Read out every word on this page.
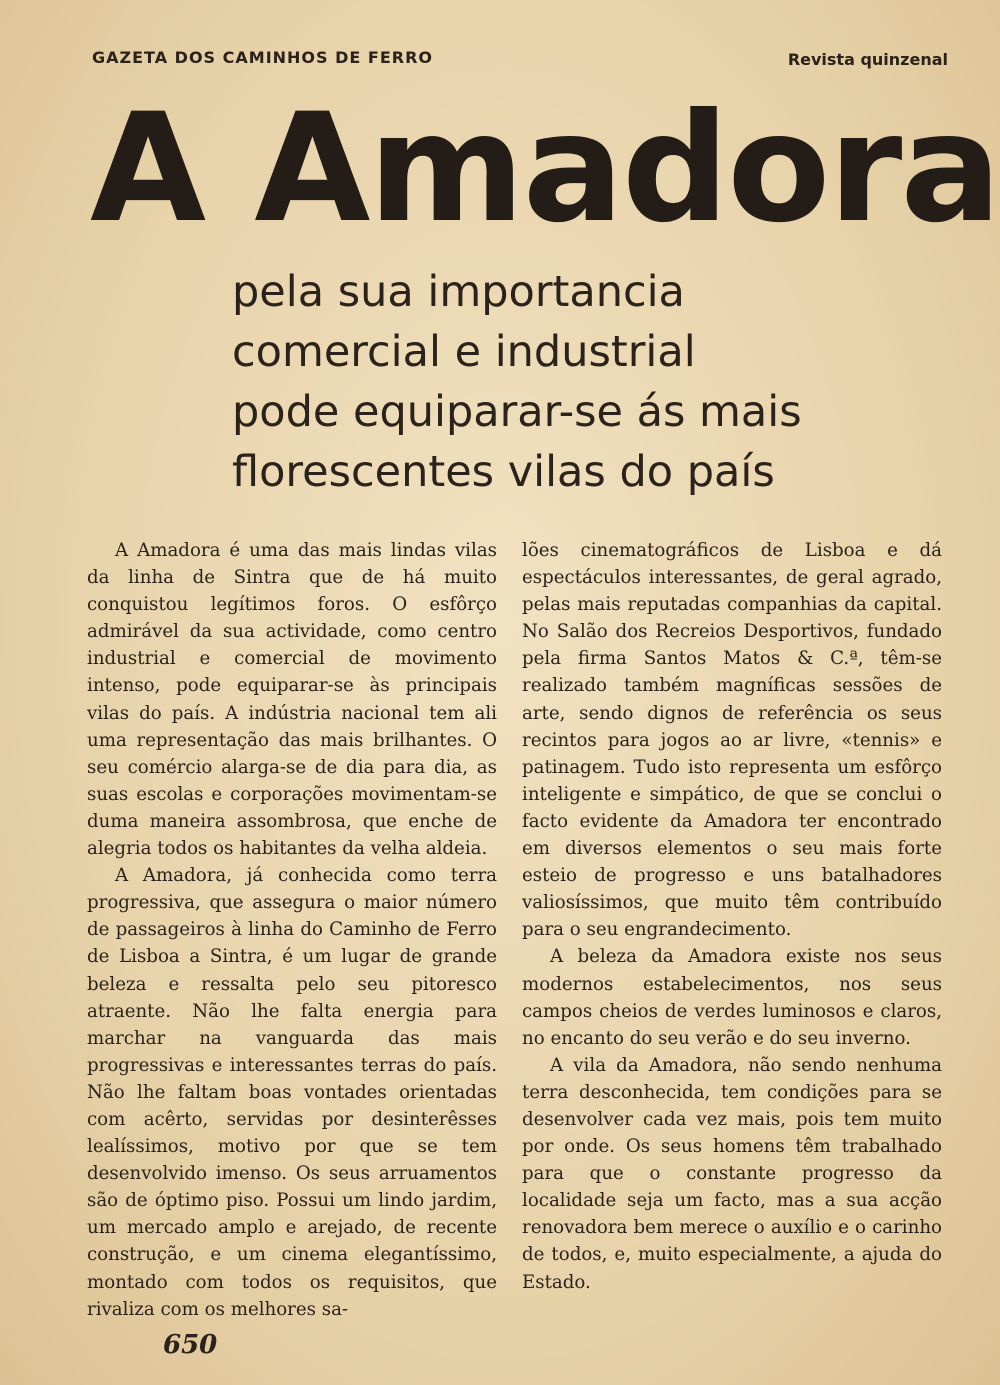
GAZETA DOS CAMINHOS DE FERRO	Revista quinzenal
A Amadora
pela sua importancia
comercial e industrial
pode equiparar-se ás mais
florescentes vilas do país

A Amadora é uma das mais lindas vilas da linha de Sintra que de há muito conquistou legítimos foros. O esfôrço admirável da sua actividade, como centro industrial e comercial de movimento intenso, pode equiparar-se às principais vilas do país. A indústria nacional tem ali uma representação das mais brilhantes. O seu comércio alarga-se de dia para dia, as suas escolas e corporações movimentam-se duma maneira assombrosa, que enche de alegria todos os habitantes da velha aldeia.

A Amadora, já conhecida como terra progressiva, que assegura o maior número de passageiros à linha do Caminho de Ferro de Lisboa a Sintra, é um lugar de grande beleza e ressalta pelo seu pitoresco atraente. Não lhe falta energia para marchar na vanguarda das mais progressivas e interessantes terras do país. Não lhe faltam boas vontades orientadas com acêrto, servidas por desinterêsses lealíssimos, motivo por que se tem desenvolvido imenso. Os seus arruamentos são de óptimo piso. Possui um lindo jardim, um mercado amplo e arejado, de recente construção, e um cinema elegantíssimo, montado com todos os requisitos, que rivaliza com os melhores sa-

lões cinematográficos de Lisboa e dá espectáculos interessantes, de geral agrado, pelas mais reputadas companhias da capital. No Salão dos Recreios Desportivos, fundado pela firma Santos Matos & C.ª, têm-se realizado também magníficas sessões de arte, sendo dignos de referência os seus recintos para jogos ao ar livre, «tennis» e patinagem. Tudo isto representa um esfôrço inteligente e simpático, de que se conclui o facto evidente da Amadora ter encontrado em diversos elementos o seu mais forte esteio de progresso e uns batalhadores valiosíssimos, que muito têm contribuído para o seu engrandecimento.

A beleza da Amadora existe nos seus modernos estabelecimentos, nos seus campos cheios de verdes luminosos e claros, no encanto do seu verão e do seu inverno.

A vila da Amadora, não sendo nenhuma terra desconhecida, tem condições para se desenvolver cada vez mais, pois tem muito por onde. Os seus homens têm trabalhado para que o constante progresso da localidade seja um facto, mas a sua acção renovadora bem merece o auxílio e o carinho de todos, e, muito especialmente, a ajuda do Estado.

650
